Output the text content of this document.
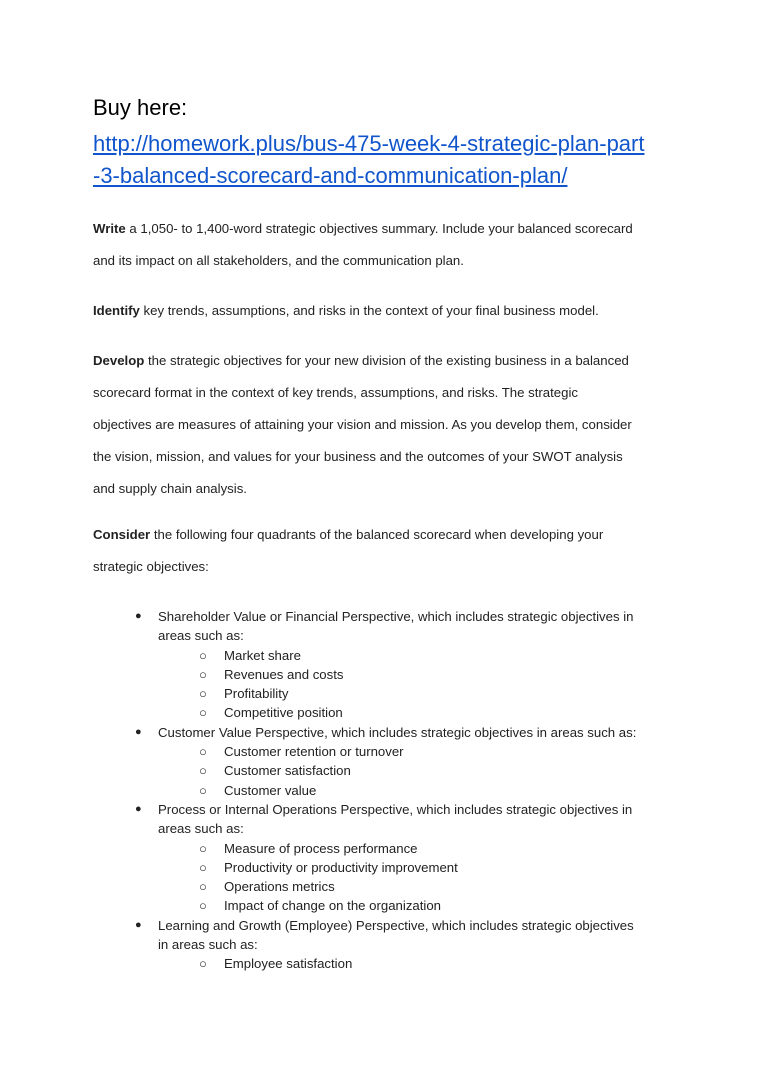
Buy here:
http://homework.plus/bus-475-week-4-strategic-plan-part
-3-balanced-scorecard-and-communication-plan/

Write a 1,050- to 1,400-word strategic objectives summary. Include your balanced scorecard
and its impact on all stakeholders, and the communication plan.

Identify key trends, assumptions, and risks in the context of your final business model.

Develop the strategic objectives for your new division of the existing business in a balanced
scorecard format in the context of key trends, assumptions, and risks. The strategic
objectives are measures of attaining your vision and mission. As you develop them, consider
the vision, mission, and values for your business and the outcomes of your SWOT analysis
and supply chain analysis.

Consider the following four quadrants of the balanced scorecard when developing your
strategic objectives:

● Shareholder Value or Financial Perspective, which includes strategic objectives in
areas such as:
○ Market share
○ Revenues and costs
○ Profitability
○ Competitive position
● Customer Value Perspective, which includes strategic objectives in areas such as:
○ Customer retention or turnover
○ Customer satisfaction
○ Customer value
● Process or Internal Operations Perspective, which includes strategic objectives in
areas such as:
○ Measure of process performance
○ Productivity or productivity improvement
○ Operations metrics
○ Impact of change on the organization
● Learning and Growth (Employee) Perspective, which includes strategic objectives
in areas such as:
○ Employee satisfaction
